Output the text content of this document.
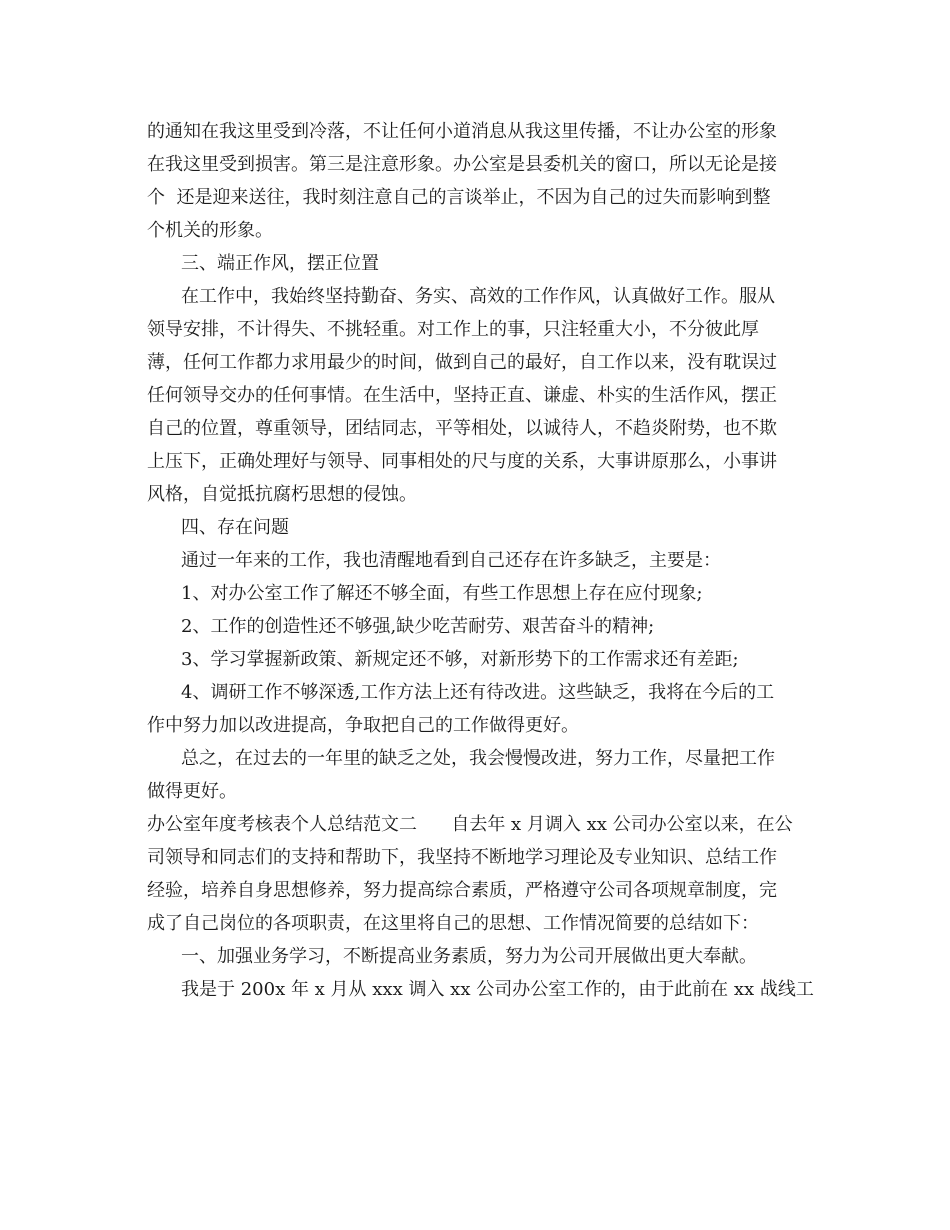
的通知在我这里受到冷落，不让任何小道消息从我这里传播，不让办公室的形象
在我这里受到损害。第三是注意形象。办公室是县委机关的窗口，所以无论是接
个  还是迎来送往，我时刻注意自己的言谈举止，不因为自己的过失而影响到整
个机关的形象。
三、端正作风，摆正位置
在工作中，我始终坚持勤奋、务实、高效的工作作风，认真做好工作。服从
领导安排，不计得失、不挑轻重。对工作上的事，只注轻重大小，不分彼此厚
薄，任何工作都力求用最少的时间，做到自己的最好，自工作以来，没有耽误过
任何领导交办的任何事情。在生活中，坚持正直、谦虚、朴实的生活作风，摆正
自己的位置，尊重领导，团结同志，平等相处，以诚待人，不趋炎附势，也不欺
上压下，正确处理好与领导、同事相处的尺与度的关系，大事讲原那么，小事讲
风格，自觉抵抗腐朽思想的侵蚀。
四、存在问题
通过一年来的工作，我也清醒地看到自己还存在许多缺乏，主要是：
1、对办公室工作了解还不够全面，有些工作思想上存在应付现象;
2、工作的创造性还不够强,缺少吃苦耐劳、艰苦奋斗的精神;
3、学习掌握新政策、新规定还不够，对新形势下的工作需求还有差距;
4、调研工作不够深透,工作方法上还有待改进。这些缺乏，我将在今后的工
作中努力加以改进提高，争取把自己的工作做得更好。
总之，在过去的一年里的缺乏之处，我会慢慢改进，努力工作，尽量把工作
做得更好。
办公室年度考核表个人总结范文二      自去年 x 月调入 xx 公司办公室以来，在公
司领导和同志们的支持和帮助下，我坚持不断地学习理论及专业知识、总结工作
经验，培养自身思想修养，努力提高综合素质，严格遵守公司各项规章制度，完
成了自己岗位的各项职责，在这里将自己的思想、工作情况简要的总结如下：
一、加强业务学习，不断提高业务素质，努力为公司开展做出更大奉献。
我是于 200x 年 x 月从 xxx 调入 xx 公司办公室工作的，由于此前在 xx 战线工
